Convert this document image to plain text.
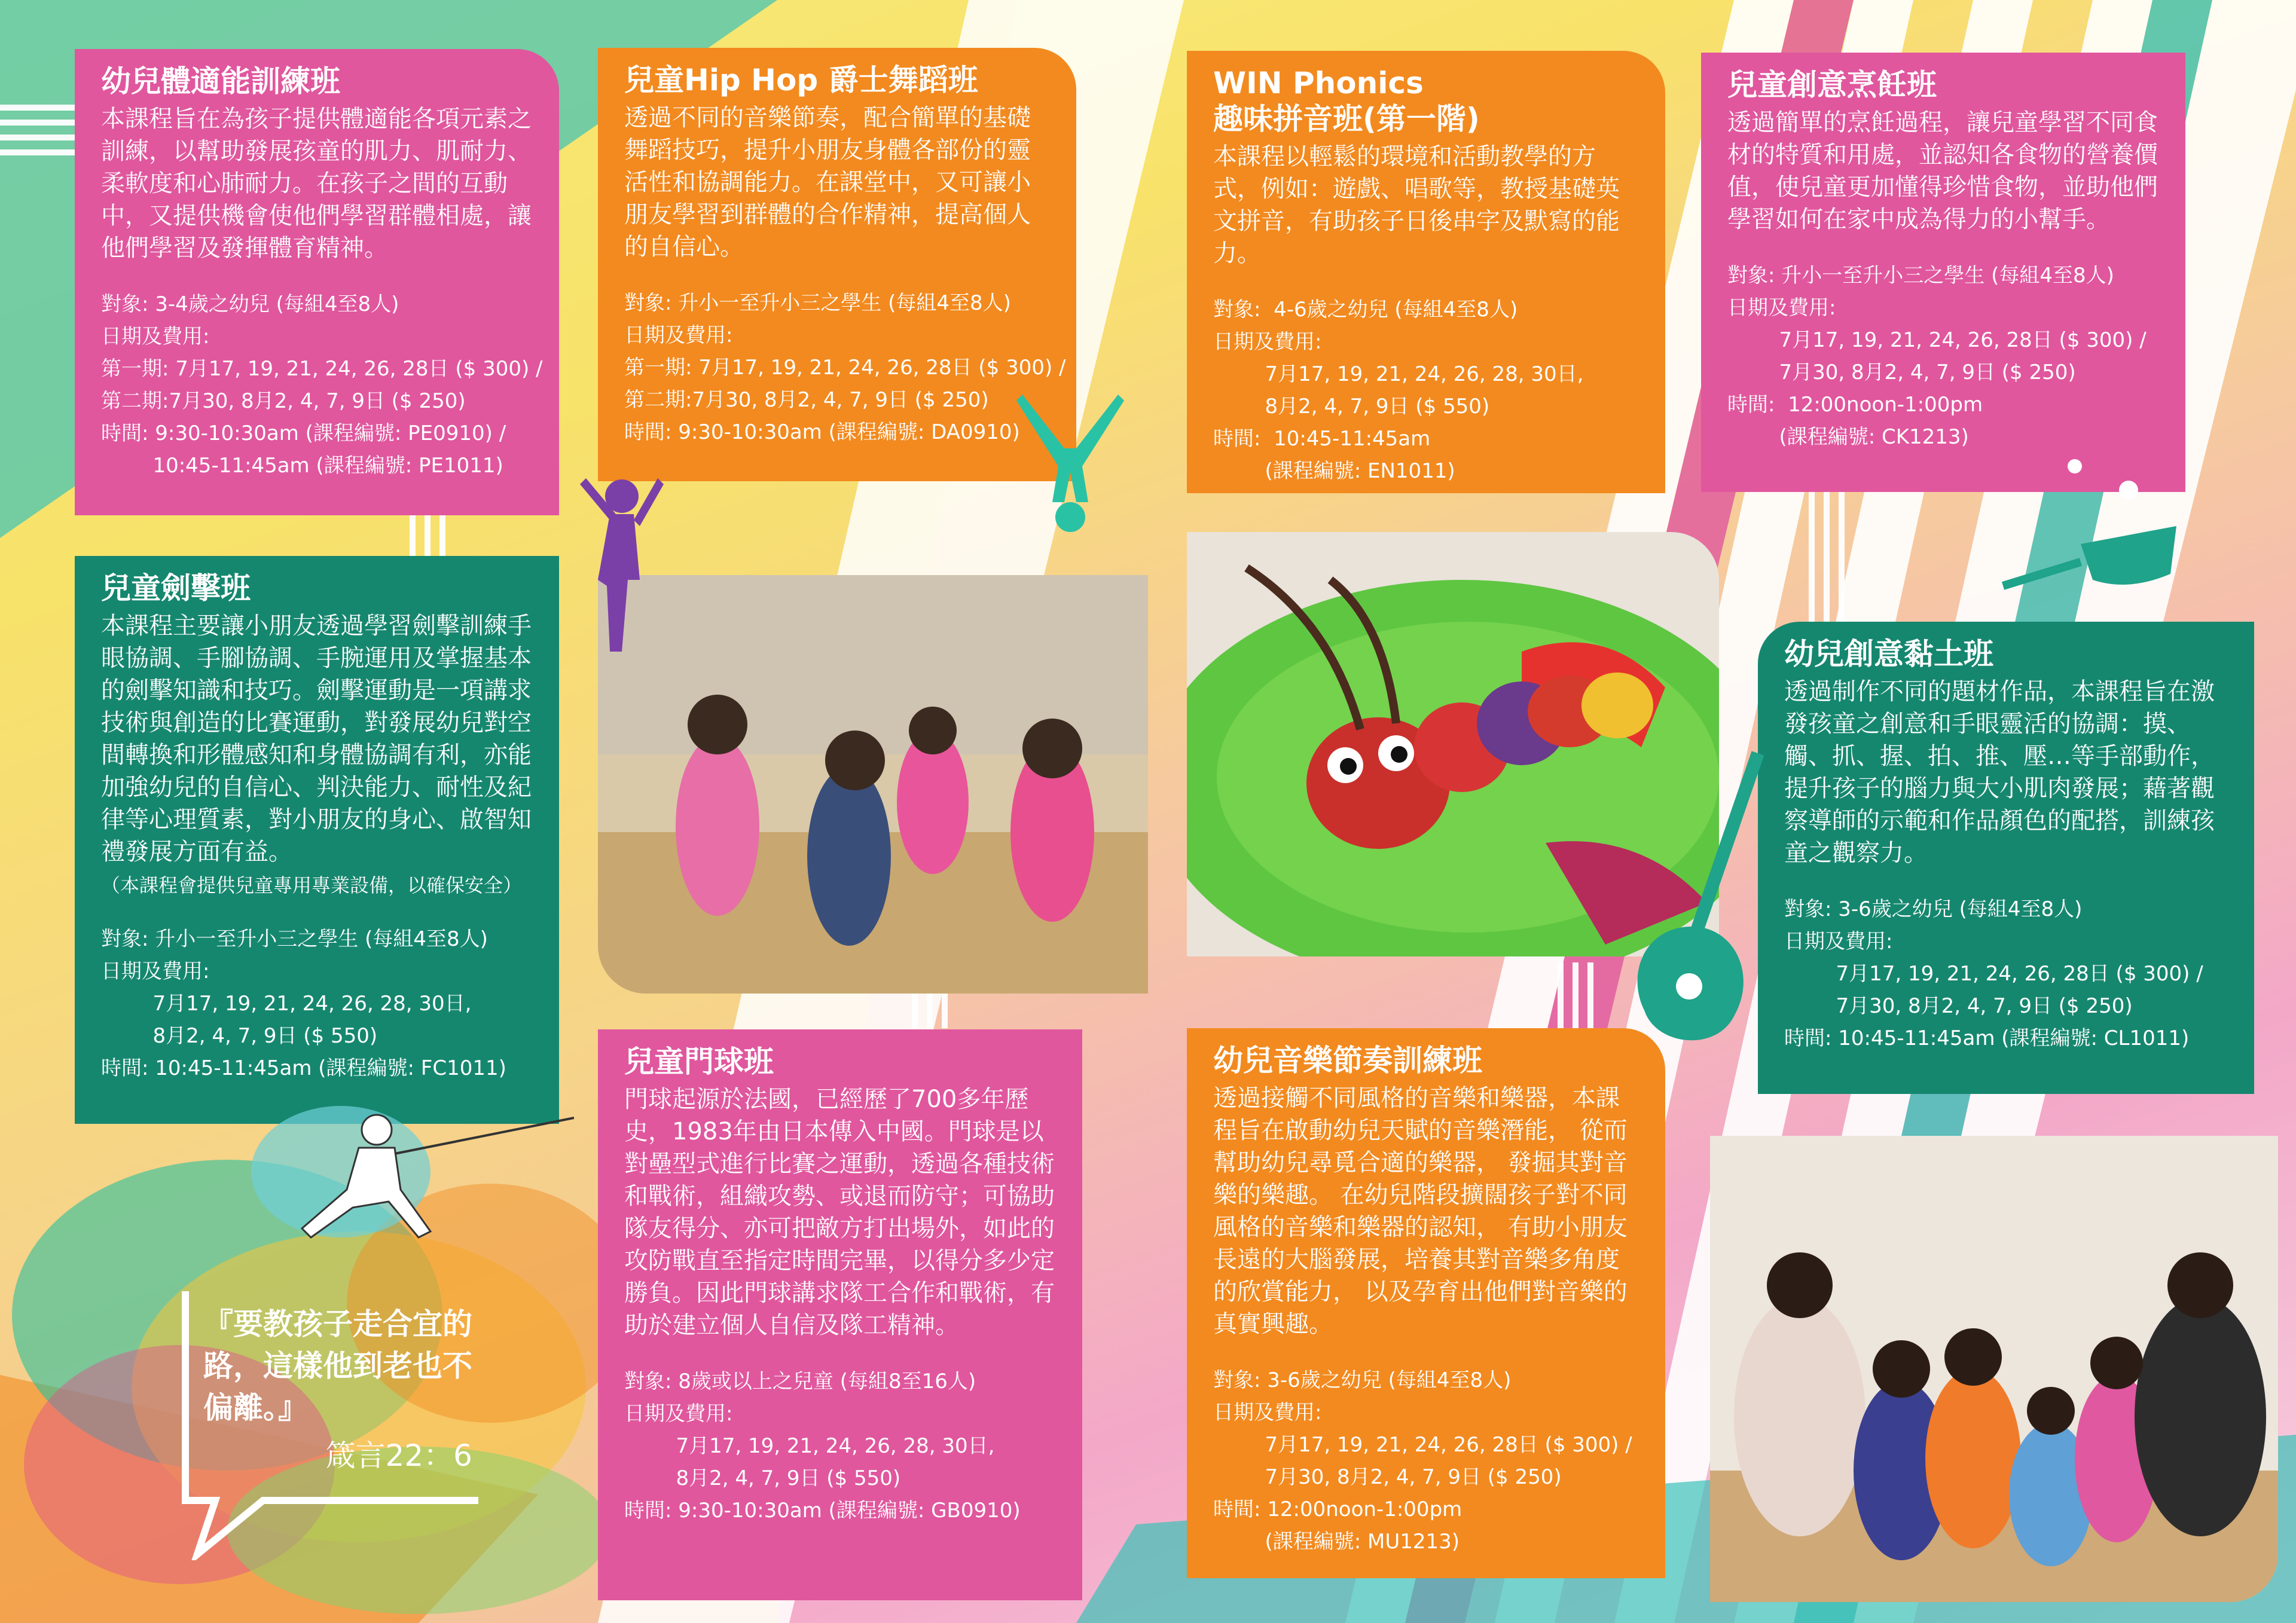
幼兒體適能訓練班

本課程旨在為孩子提供體適能各項元素之訓練，以幫助發展孩童的肌力、肌耐力、柔軟度和心肺耐力。在孩子之間的互動中，又提供機會使他們學習群體相處，讓他們學習及發揮體育精神。

對象: 3-4歲之幼兒 (每組4至8人)
日期及費用:
第一期: 7月17, 19, 21, 24, 26, 28日 ($ 300) /
第二期:7月30, 8月2, 4, 7, 9日 ($ 250)
時間: 9:30-10:30am (課程編號: PE0910) /
10:45-11:45am (課程編號: PE1011)
兒童Hip Hop 爵士舞蹈班

透過不同的音樂節奏，配合簡單的基礎舞蹈技巧，提升小朋友身體各部份的靈活性和協調能力。在課堂中，又可讓小朋友學習到群體的合作精神，提高個人的自信心。

對象: 升小一至升小三之學生 (每組4至8人)
日期及費用:
第一期: 7月17, 19, 21, 24, 26, 28日 ($ 300) /
第二期:7月30, 8月2, 4, 7, 9日 ($ 250)
時間: 9:30-10:30am (課程編號: DA0910)
WIN Phonics
趣味拼音班(第一階)

本課程以輕鬆的環境和活動教學的方式，例如：遊戲、唱歌等，教授基礎英文拼音，有助孩子日後串字及默寫的能力。

對象:  4-6歲之幼兒 (每組4至8人)
日期及費用:
7月17, 19, 21, 24, 26, 28, 30日,
8月2, 4, 7, 9日 ($ 550)
時間:  10:45-11:45am
(課程編號: EN1011)
兒童創意烹飪班

透過簡單的烹飪過程，讓兒童學習不同食材的特質和用處，並認知各食物的營養價值，使兒童更加懂得珍惜食物，並助他們學習如何在家中成為得力的小幫手。

對象: 升小一至升小三之學生 (每組4至8人)
日期及費用:
7月17, 19, 21, 24, 26, 28日 ($ 300) /
7月30, 8月2, 4, 7, 9日 ($ 250)
時間:  12:00noon-1:00pm
(課程編號: CK1213)
兒童劍擊班

本課程主要讓小朋友透過學習劍擊訓練手眼協調、手腳協調、手腕運用及掌握基本的劍擊知識和技巧。劍擊運動是一項講求技術與創造的比賽運動，對發展幼兒對空間轉換和形體感知和身體協調有利，亦能加強幼兒的自信心、判決能力、耐性及紀律等心理質素，對小朋友的身心、啟智知禮發展方面有益。

（本課程會提供兒童專用專業設備，以確保安全）
對象: 升小一至升小三之學生 (每組4至8人)
日期及費用:
7月17, 19, 21, 24, 26, 28, 30日,
8月2, 4, 7, 9日 ($ 550)
時間: 10:45-11:45am (課程編號: FC1011)
幼兒創意黏土班

透過制作不同的題材作品，本課程旨在激發孩童之創意和手眼靈活的協調：摸、觸、抓、握、拍、推、壓…等手部動作，提升孩子的腦力與大小肌肉發展；藉著觀察導師的示範和作品顏色的配搭，訓練孩童之觀察力。

對象: 3-6歲之幼兒 (每組4至8人)
日期及費用:
7月17, 19, 21, 24, 26, 28日 ($ 300) /
7月30, 8月2, 4, 7, 9日 ($ 250)
時間: 10:45-11:45am (課程編號: CL1011)
兒童門球班

門球起源於法國，已經歷了700多年歷史，1983年由日本傳入中國。門球是以對壘型式進行比賽之運動，透過各種技術和戰術，組織攻勢、或退而防守；可協助隊友得分、亦可把敵方打出場外，如此的攻防戰直至指定時間完畢，以得分多少定勝負。因此門球講求隊工合作和戰術，有助於建立個人自信及隊工精神。

對象: 8歲或以上之兒童 (每組8至16人)
日期及費用:
7月17, 19, 21, 24, 26, 28, 30日,
8月2, 4, 7, 9日 ($ 550)
時間: 9:30-10:30am (課程編號: GB0910)
幼兒音樂節奏訓練班

透過接觸不同風格的音樂和樂器，本課程旨在啟動幼兒天賦的音樂潛能， 從而幫助幼兒尋覓合適的樂器， 發掘其對音樂的樂趣。 在幼兒階段擴闊孩子對不同風格的音樂和樂器的認知， 有助小朋友長遠的大腦發展，培養其對音樂多角度的欣賞能力， 以及孕育出他們對音樂的真實興趣。

對象: 3-6歲之幼兒 (每組4至8人)
日期及費用:
7月17, 19, 21, 24, 26, 28日 ($ 300) /
7月30, 8月2, 4, 7, 9日 ($ 250)
時間: 12:00noon-1:00pm
(課程編號: MU1213)
『要教孩子走合宜的路，這樣他到老也不偏離。』
箴言22：6
